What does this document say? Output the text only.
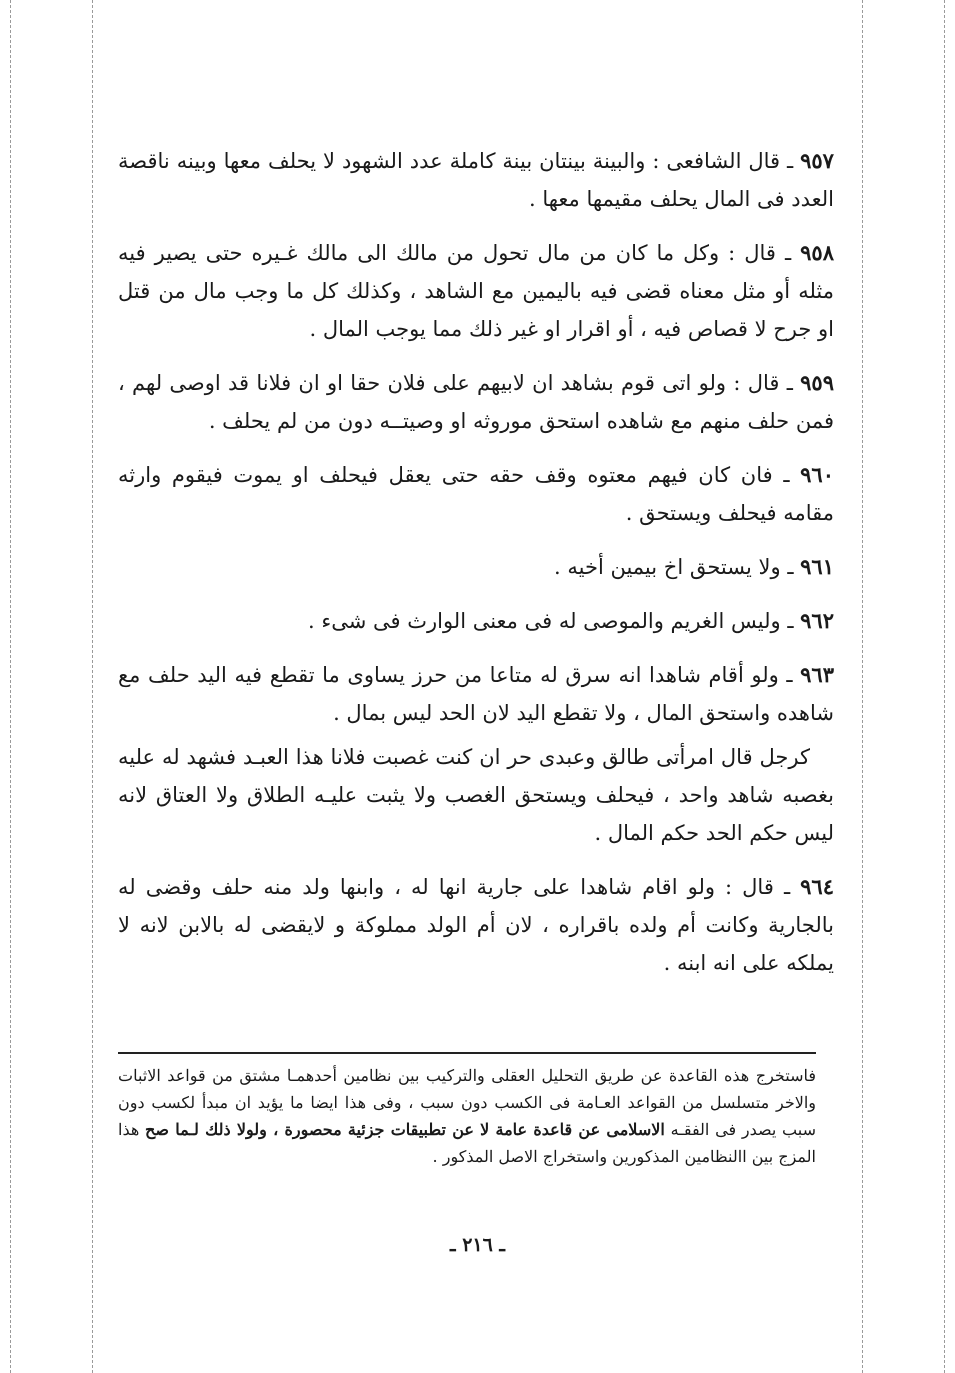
٩٥٧ ـ قال الشافعى : والبينة بينتان بينة كاملة عدد الشهود لا يحلف معها وبينه ناقصة العدد فى المال يحلف مقيمها معها .

٩٥٨ ـ قال : وكل ما كان من مال تحول من مالك الى مالك غـيره حتى يصير فيه مثله أو مثل معناه قضى فيه باليمين مع الشاهد ، وكذلك كل ما وجب مال من قتل او جرح لا قصاص فيه ، أو اقرار او غير ذلك مما يوجب المال .

٩٥٩ ـ قال : ولو اتى قوم بشاهد ان لابيهم على فلان حقا او ان فلانا قد اوصى لهم ، فمن حلف منهم مع شاهده استحق موروثه او وصيتــه دون من لم يحلف .

٩٦٠ ـ فان كان فيهم معتوه وقف حقه حتى يعقل فيحلف او يموت فيقوم وارثه مقامه فيحلف ويستحق .

٩٦١ ـ ولا يستحق اخ بيمين أخيه .

٩٦٢ ـ وليس الغريم والموصى له فى معنى الوارث فى شىء .

٩٦٣ ـ ولو أقام شاهدا انه سرق له متاعا من حرز يساوى ما تقطع فيه اليد حلف مع شاهده واستحق المال ، ولا تقطع اليد لان الحد ليس بمال .

كرجل قال امرأتى طالق وعبدى حر ان كنت غصبت فلانا هذا العبـد فشهد له عليه بغصبه شاهد واحد ، فيحلف ويستحق الغصب ولا يثبت عليـه الطلاق ولا العتاق لانه ليس حكم الحد حكم المال .

٩٦٤ ـ قال : ولو اقام شاهدا على جارية انها له ، وابنها ولد منه حلف وقضى له بالجارية وكانت أم ولده باقراره ، لان أم الولد مملوكة و لايقضى له بالابن لانه لا يملكه على انه ابنه .

فاستخرج هذه القاعدة عن طريق التحليل العقلى والتركيب بين نظامين أحدهمـا مشتق من قواعد الاثبات والاخر متسلسل من القواعد العـامة فى الكسب دون سبب ، وفى هذا ايضا ما يؤيد ان مبدأ لكسب دون سبب يصدر فى الفقـه الاسلامى عن قاعدة عامة لا عن تطبيقات جزئية محصورة ، ولولا ذلك لـما صح هذا المزج بين االنظامين المذكورين واستخراج الاصل المذكور .
ـ ٢١٦ ـ
